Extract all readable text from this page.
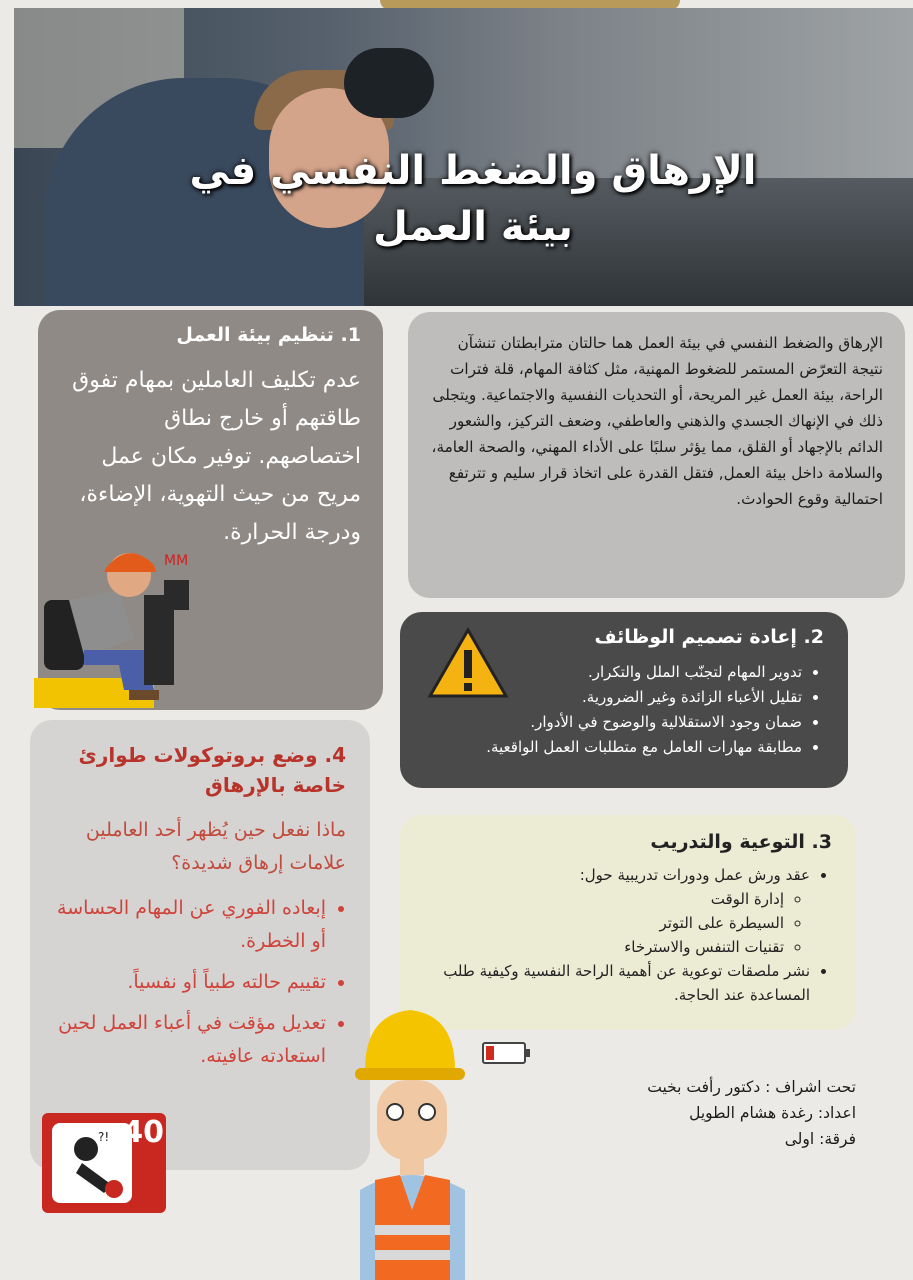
الإرهاق والضغط النفسي في بيئة العمل
الإرهاق والضغط النفسي في بيئة العمل هما حالتان مترابطتان تنشآن نتيجة التعرّض المستمر للضغوط المهنية، مثل كثافة المهام، قلة فترات الراحة، بيئة العمل غير المريحة، أو التحديات النفسية والاجتماعية. ويتجلى ذلك في الإنهاك الجسدي والذهني والعاطفي، وضعف التركيز، والشعور الدائم بالإجهاد أو القلق، مما يؤثر سلبًا على الأداء المهني، والصحة العامة، والسلامة داخل بيئة العمل, فتقل القدرة على اتخاذ قرار سليم و تترتفع احتمالية وقوع الحوادث.
1. تنظيم بيئة العمل

عدم تكليف العاملين بمهام تفوق طاقتهم أو خارج نطاق اختصاصهم. توفير مكان عمل مريح من حيث التهوية، الإضاءة، ودرجة الحرارة.

MM
2. إعادة تصميم الوظائف
• تدوير المهام لتجنّب الملل والتكرار.
• تقليل الأعباء الزائدة وغير الضرورية.
• ضمان وجود الاستقلالية والوضوح في الأدوار.
• مطابقة مهارات العامل مع متطلبات العمل الواقعية.
3. التوعية والتدريب
• عقد ورش عمل ودورات تدريبية حول:
◦ إدارة الوقت
◦ السيطرة على التوتر
◦ تقنيات التنفس والاسترخاء
• نشر ملصقات توعوية عن أهمية الراحة النفسية وكيفية طلب المساعدة عند الحاجة.
4. وضع بروتوكولات طوارئ خاصة بالإرهاق

ماذا نفعل حين يُظهر أحد العاملين علامات إرهاق شديدة؟

• إبعاده الفوري عن المهام الحساسة أو الخطرة.
• تقييم حالته طبياً أو نفسياً.
• تعديل مؤقت في أعباء العمل لحين استعادته عافيته.
?! 40
تحت اشراف : دكتور رأفت بخيت
اعداد: رغدة هشام الطويل
فرقة: اولى
